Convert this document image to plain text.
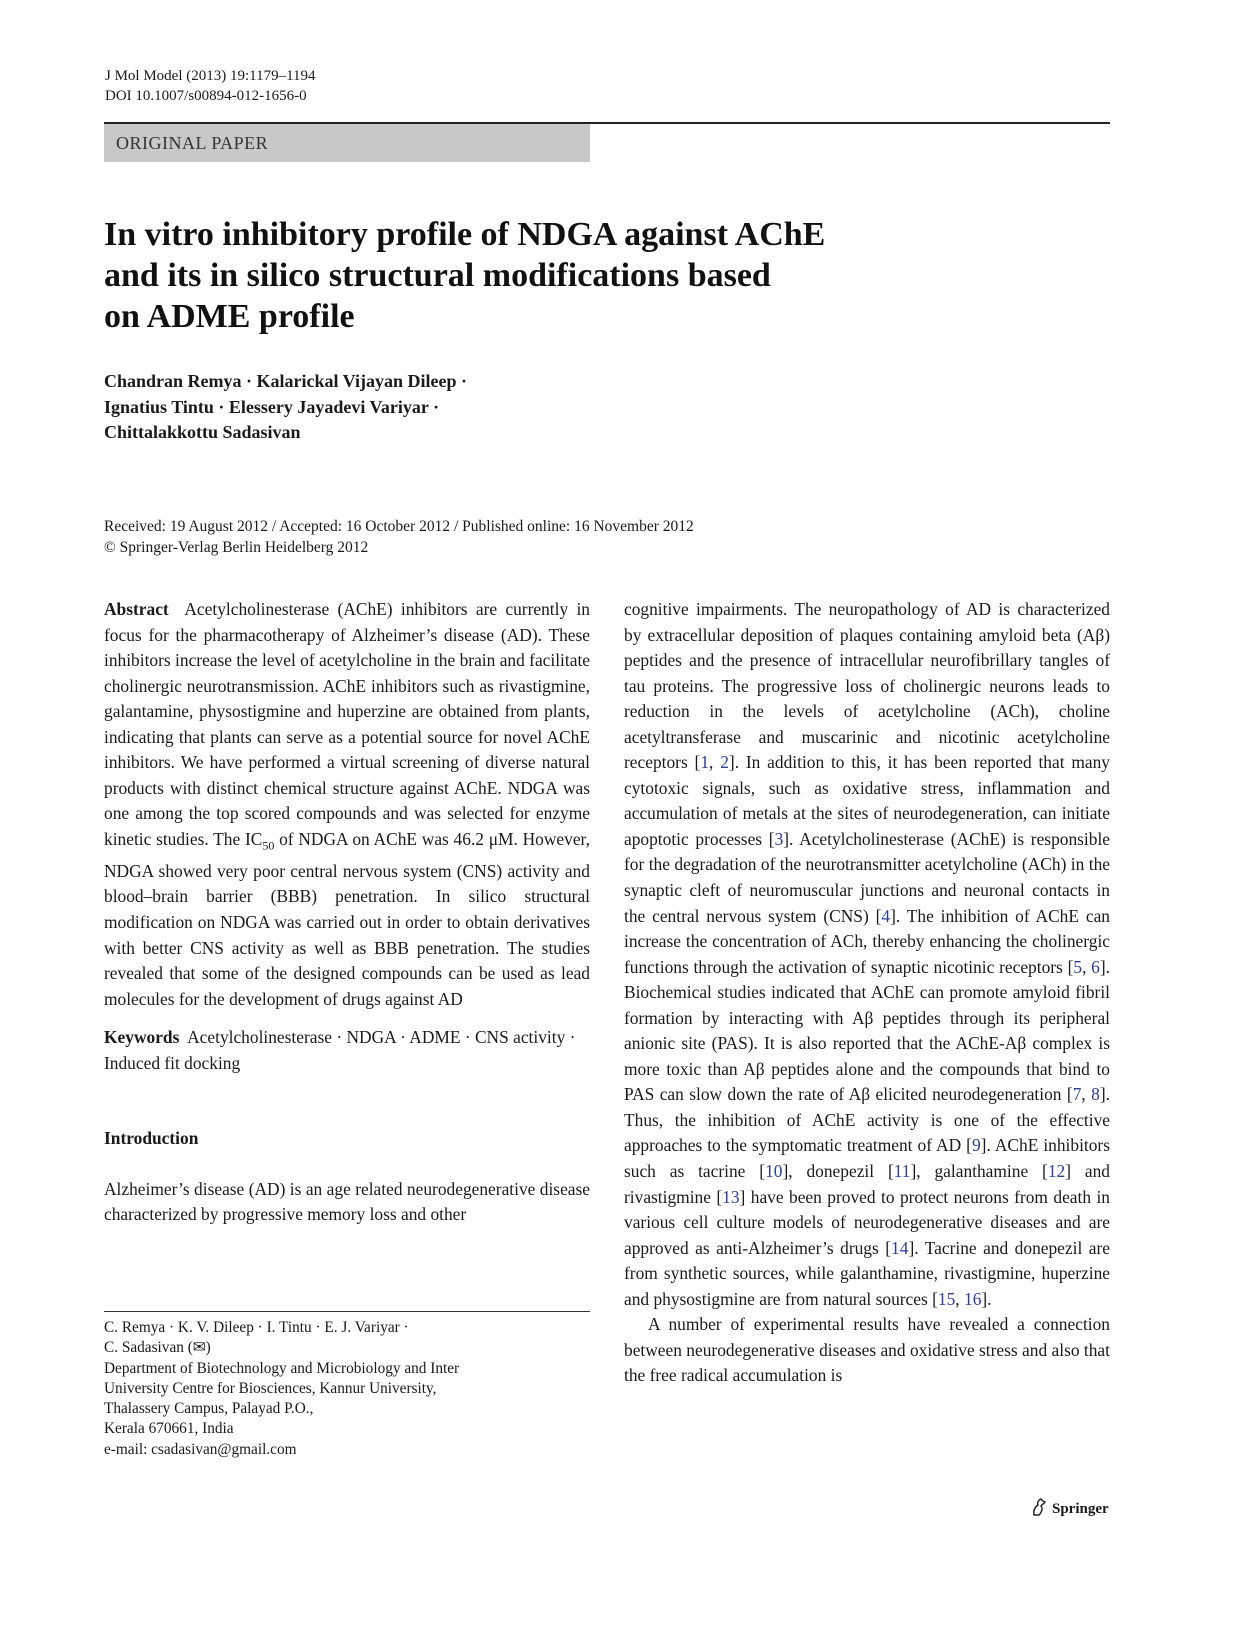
J Mol Model (2013) 19:1179–1194
DOI 10.1007/s00894-012-1656-0
ORIGINAL PAPER
In vitro inhibitory profile of NDGA against AChE
and its in silico structural modifications based
on ADME profile
Chandran Remya · Kalarickal Vijayan Dileep ·
Ignatius Tintu · Elessery Jayadevi Variyar ·
Chittalakkottu Sadasivan
Received: 19 August 2012 / Accepted: 16 October 2012 / Published online: 16 November 2012
© Springer-Verlag Berlin Heidelberg 2012

Abstract Acetylcholinesterase (AChE) inhibitors are currently in focus for the pharmacotherapy of Alzheimer’s disease (AD). These inhibitors increase the level of acetylcholine in the brain and facilitate cholinergic neurotransmission. AChE inhibitors such as rivastigmine, galantamine, physostigmine and huperzine are obtained from plants, indicating that plants can serve as a potential source for novel AChE inhibitors. We have performed a virtual screening of diverse natural products with distinct chemical structure against AChE. NDGA was one among the top scored compounds and was selected for enzyme kinetic studies. The $IC_{50}$ of NDGA on AChE was 46.2 μM. However, NDGA showed very poor central nervous system (CNS) activity and blood–brain barrier (BBB) penetration. In silico structural modification on NDGA was carried out in order to obtain derivatives with better CNS activity as well as BBB penetration. The studies revealed that some of the designed compounds can be used as lead molecules for the development of drugs against AD

Keywords Acetylcholinesterase · NDGA · ADME · CNS activity · Induced fit docking

Introduction

Alzheimer’s disease (AD) is an age related neurodegenerative disease characterized by progressive memory loss and other

C. Remya · K. V. Dileep · I. Tintu · E. J. Variyar ·
C. Sadasivan (✉)
Department of Biotechnology and Microbiology and Inter
University Centre for Biosciences, Kannur University,
Thalassery Campus, Palayad P.O.,
Kerala 670661, India
e-mail: csadasivan@gmail.com

cognitive impairments. The neuropathology of AD is characterized by extracellular deposition of plaques containing amyloid beta (Aβ) peptides and the presence of intracellular neurofibrillary tangles of tau proteins. The progressive loss of cholinergic neurons leads to reduction in the levels of acetylcholine (ACh), choline acetyltransferase and muscarinic and nicotinic acetylcholine receptors [1, 2]. In addition to this, it has been reported that many cytotoxic signals, such as oxidative stress, inflammation and accumulation of metals at the sites of neurodegeneration, can initiate apoptotic processes [3]. Acetylcholinesterase (AChE) is responsible for the degradation of the neurotransmitter acetylcholine (ACh) in the synaptic cleft of neuromuscular junctions and neuronal contacts in the central nervous system (CNS) [4]. The inhibition of AChE can increase the concentration of ACh, thereby enhancing the cholinergic functions through the activation of synaptic nicotinic receptors [5, 6]. Biochemical studies indicated that AChE can promote amyloid fibril formation by interacting with Aβ peptides through its peripheral anionic site (PAS). It is also reported that the AChE-Aβ complex is more toxic than Aβ peptides alone and the compounds that bind to PAS can slow down the rate of Aβ elicited neurodegeneration [7, 8]. Thus, the inhibition of AChE activity is one of the effective approaches to the symptomatic treatment of AD [9]. AChE inhibitors such as tacrine [10], donepezil [11], galanthamine [12] and rivastigmine [13] have been proved to protect neurons from death in various cell culture models of neurodegenerative diseases and are approved as anti-Alzheimer’s drugs [14]. Tacrine and donepezil are from synthetic sources, while galanthamine, rivastigmine, huperzine and physostigmine are from natural sources [15, 16].

A number of experimental results have revealed a connection between neurodegenerative diseases and oxidative stress and also that the free radical accumulation is

Springer
